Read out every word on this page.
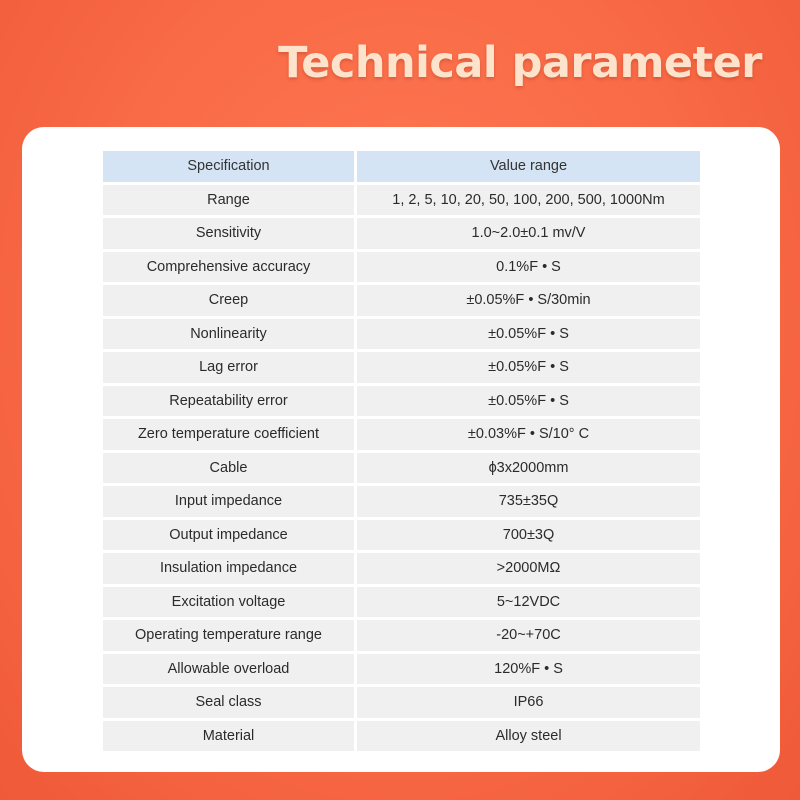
Technical parameter
Specification	Value range
Range	1, 2, 5, 10, 20, 50, 100, 200, 500, 1000Nm
Sensitivity	1.0~2.0±0.1 mv/V
Comprehensive accuracy	0.1%F • S
Creep	±0.05%F • S/30min
Nonlinearity	±0.05%F • S
Lag error	±0.05%F • S
Repeatability error	±0.05%F • S
Zero temperature coefficient	±0.03%F • S/10° C
Cable	ϕ3x2000mm
Input impedance	735±35Q
Output impedance	700±3Q
Insulation impedance	>2000MΩ
Excitation voltage	5~12VDC
Operating temperature range	-20~+70C
Allowable overload	120%F • S
Seal class	IP66
Material	Alloy steel
